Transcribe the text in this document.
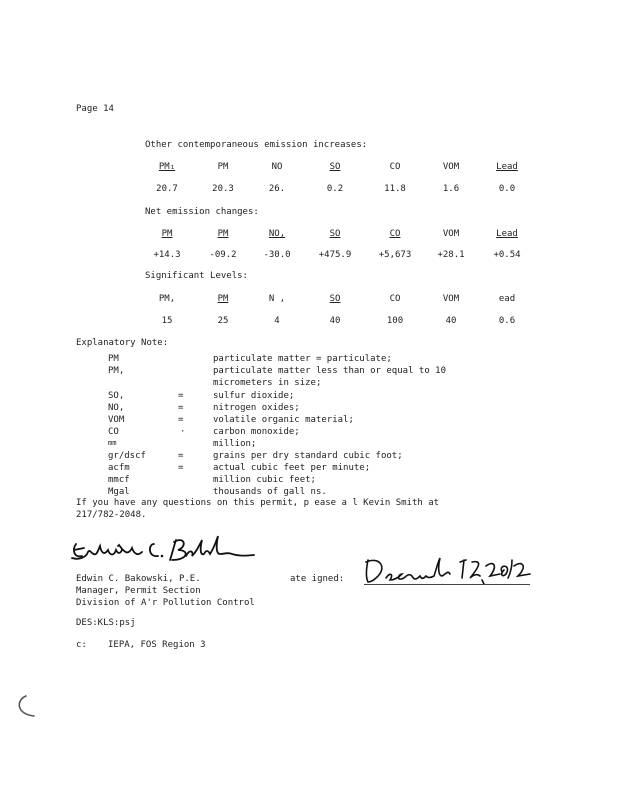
Page 14
Other contemporaneous emission increases:
PM₁	PM	NO	SO	CO	VOM	Lead
20.7	20.3	26.	0.2	11.8	1.6	0.0
Net emission changes:
PM	PM	NO,	SO	CO	VOM	Lead
+14.3	-09.2	-30.0	+475.9	+5,673	+28.1	+0.54
Significant Levels:
PM,	PM	N ,	SO	CO	VOM	ead
15	25	4	40	100	40	0.6
Explanatory Note:
PM	particulate matter = particulate;
PM,	particulate matter less than or equal to 10
micrometers in size;
SO,	=	sulfur dioxide;
NO,	=	nitrogen oxides;
VOM	=	volatile organic material;
CO	·	carbon monoxide;
mm	million;
gr/dscf	=	grains per dry standard cubic foot;
acfm	=	actual cubic feet per minute;
mmcf	million cubic feet;
Mgal	thousands of gall ns.
If you have any questions on this permit, p ease a l Kevin Smith at
217/782-2048.
Edwin C. Bakowski, P.E.
Manager, Permit Section
Division of A'r Pollution Control
ate igned:
DES:KLS:psj
c: IEPA, FOS Region 3
